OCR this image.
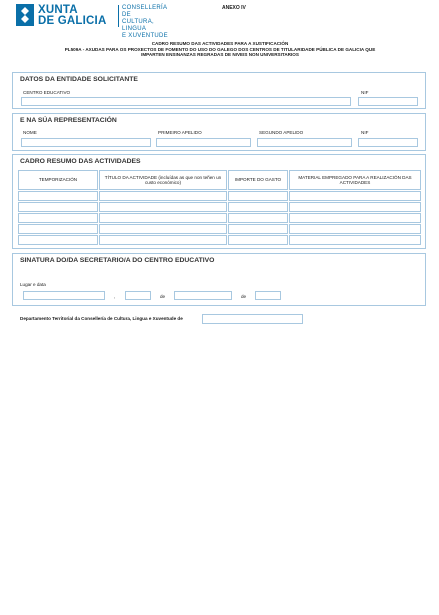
XUNTA
DE GALICIA
CONSELLERÍA DE
CULTURA, LINGUA
E XUVENTUDE
ANEXO IV
CADRO RESUMO DAS ACTIVIDADES PARA A XUSTIFICACIÓN
PL509A - AXUDAS PARA OS PROXECTOS DE FOMENTO DO USO DO GALEGO DOS CENTROS DE TITULARIDADE PÚBLICA DE GALICIA QUE
IMPARTEN ENSINANZAS REGRADAS DE NIVEIS NON UNIVERSITARIOS
DATOS DA ENTIDADE SOLICITANTE
CENTRO EDUCATIVO	NIF
E NA SÚA REPRESENTACIÓN
NOME	PRIMEIRO APELIDO	SEGUNDO APELIDO	NIF
CADRO RESUMO DAS ACTIVIDADES
TEMPORIZACIÓN	TÍTULO DA ACTIVIDADE (incluídas as que non teñen un custo económico)	IMPORTE DO GASTO	MATERIAL EMPREGADO PARA A REALIZACIÓN DAS ACTIVIDADES

SINATURA DO/DA SECRETARIO/A DO CENTRO EDUCATIVO
Lugar e data
,	de	de
Departamento Territorial da Consellería de Cultura, Lingua e Xuventude de
